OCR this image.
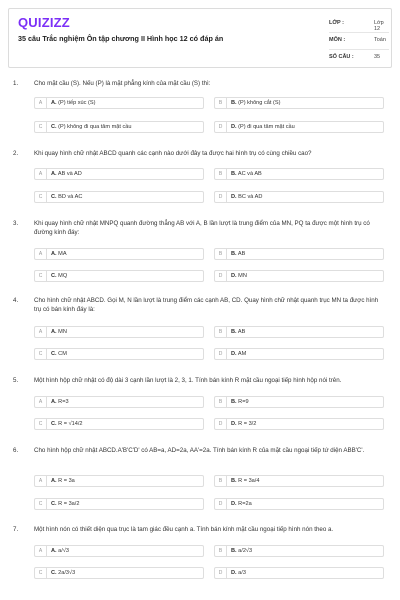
QUIZIZZ
35 câu Trắc nghiệm Ôn tập chương II Hình học 12 có đáp án
LỚP :	Lớp 12
MÔN :	Toán
SỐ CÂU :	35
1.	Cho mặt cầu (S). Nếu (P) là mặt phẳng kính của mặt cầu (S) thì:
A	A. (P) tiếp xúc (S)	B	B. (P) không cắt (S)
C	C. (P) không đi qua tâm mặt cầu	D	D. (P) đi qua tâm mặt cầu
2.	Khi quay hình chữ nhật ABCD quanh các cạnh nào dưới đây ta được hai hình trụ có cùng chiều cao?
A	A. AB và AD	B	B. AC và AB
C	C. BD và AC	D	D. BC và AD
3.	Khi quay hình chữ nhật MNPQ quanh đường thẳng AB với A, B lần lượt là trung điểm của MN, PQ ta được một hình trụ có đường kính đáy:
A	A. MA	B	B. AB
C	C. MQ	D	D. MN
4.	Cho hình chữ nhật ABCD. Gọi M, N lần lượt là trung điểm các cạnh AB, CD. Quay hình chữ nhật quanh trục MN ta được hình trụ có bán kính đáy là:
A	A. MN	B	B. AB
C	C. CM	D	D. AM
5.	Một hình hộp chữ nhật có độ dài 3 cạnh lần lượt là 2, 3, 1. Tính bán kính R mặt cầu ngoại tiếp hình hộp nói trên.
A	A. R=3	B	B. R=9
C	C. R = √14/2	D	D. R = 3/2
6.	Cho hình hộp chữ nhật ABCD.A'B'C'D' có AB=a, AD=2a, AA'=2a. Tính bán kính R của mặt cầu ngoại tiếp tứ diện ABB'C'.
A	A. R = 3a	B	B. R = 3a/4
C	C. R = 3a/2	D	D. R=2a
7.	Một hình nón có thiết diện qua trục là tam giác đều cạnh a. Tính bán kính mặt cầu ngoại tiếp hình nón theo a.
A	A. a/√3	B	B. a/2√3
C	C. 2a/3√3	D	D. a/3
